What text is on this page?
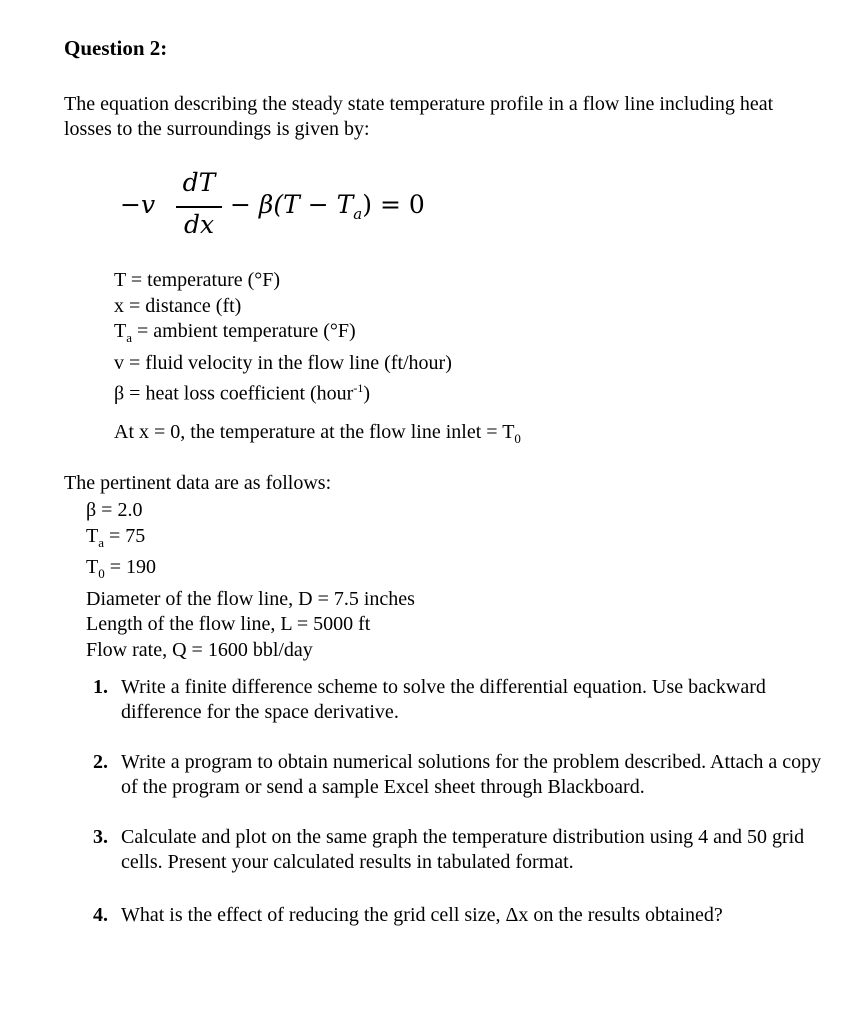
Question 2:
The equation describing the steady state temperature profile in a flow line including heat losses to the surroundings is given by:
−v
dT
dx
− $\beta(T - T_a) = 0$
T = temperature (°F)
x = distance (ft)
$T_a$ = ambient temperature (°F)
v = fluid velocity in the flow line (ft/hour)
β = heat loss coefficient (hour$^{-1}$)
At x = 0, the temperature at the flow line inlet = $T_0$
The pertinent data are as follows:
β = 2.0
$T_a = 75$
$T_0 = 190$
Diameter of the flow line, D = 7.5 inches
Length of the flow line, L = 5000 ft
Flow rate, Q = 1600 bbl/day
1. Write a finite difference scheme to solve the differential equation. Use backward difference for the space derivative.
2. Write a program to obtain numerical solutions for the problem described. Attach a copy of the program or send a sample Excel sheet through Blackboard.
3. Calculate and plot on the same graph the temperature distribution using 4 and 50 grid cells. Present your calculated results in tabulated format.
4. What is the effect of reducing the grid cell size, Δx on the results obtained?
